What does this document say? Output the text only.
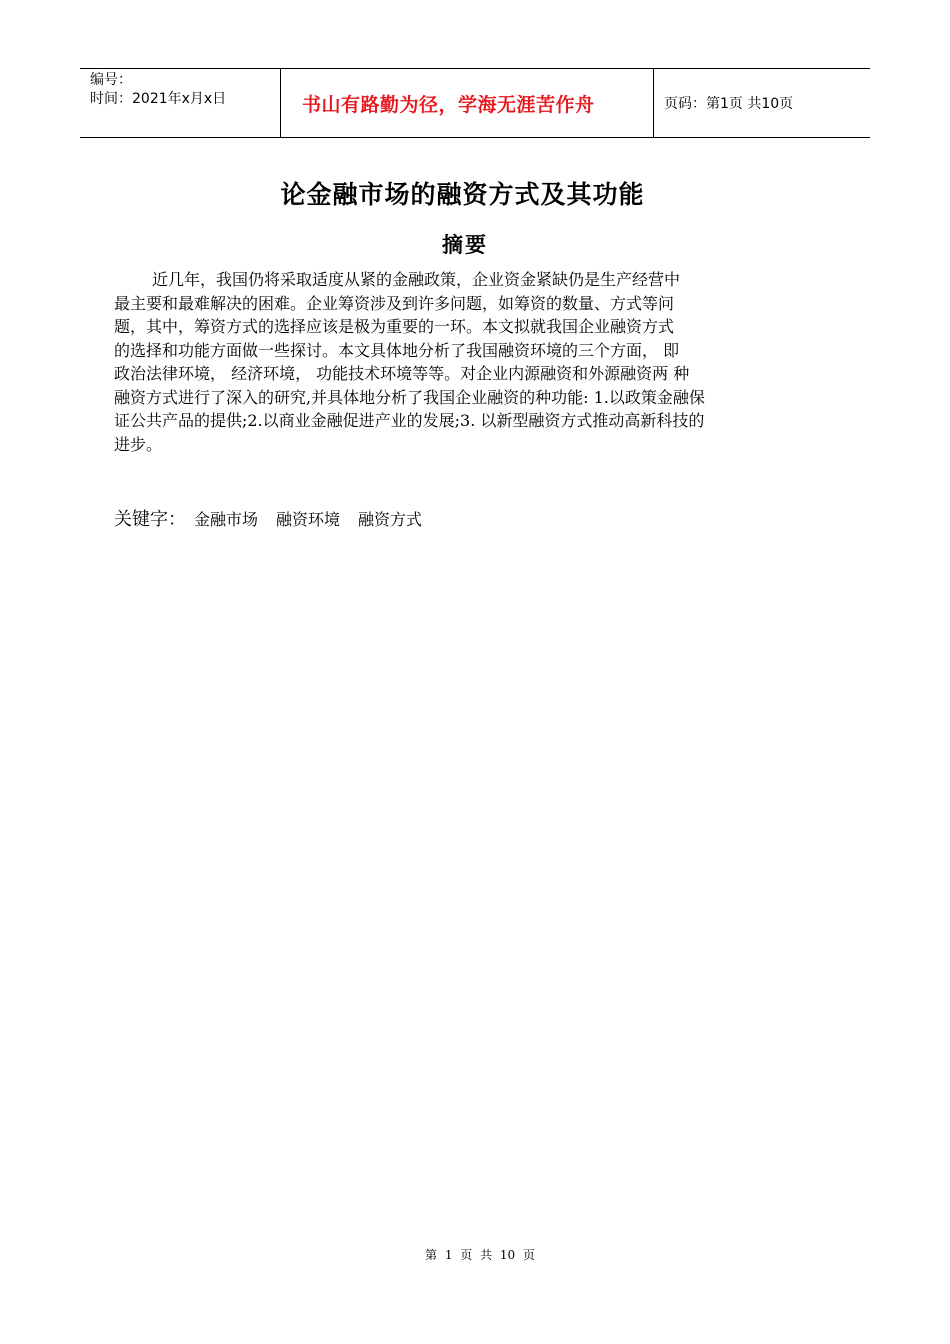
编号：
时间：2021年x月x日	书山有路勤为径，学海无涯苦作舟	页码：第1页 共10页
论金融市场的融资方式及其功能
摘要
近几年，我国仍将采取适度从紧的金融政策，企业资金紧缺仍是生产经营中
最主要和最难解决的困难。企业筹资涉及到许多问题，如筹资的数量、方式等问
题，其中，筹资方式的选择应该是极为重要的一环。本文拟就我国企业融资方式
的选择和功能方面做一些探讨。本文具体地分析了我国融资环境的三个方面， 即
政治法律环境， 经济环境， 功能技术环境等等。对企业内源融资和外源融资两 种
融资方式进行了深入的研究,并具体地分析了我国企业融资的种功能: 1.以政策金融保
证公共产品的提供;2.以商业金融促进产业的发展;3. 以新型融资方式推动高新科技的
进步。
关键字： 金融市场 融资环境 融资方式
第 1 页 共 10 页
